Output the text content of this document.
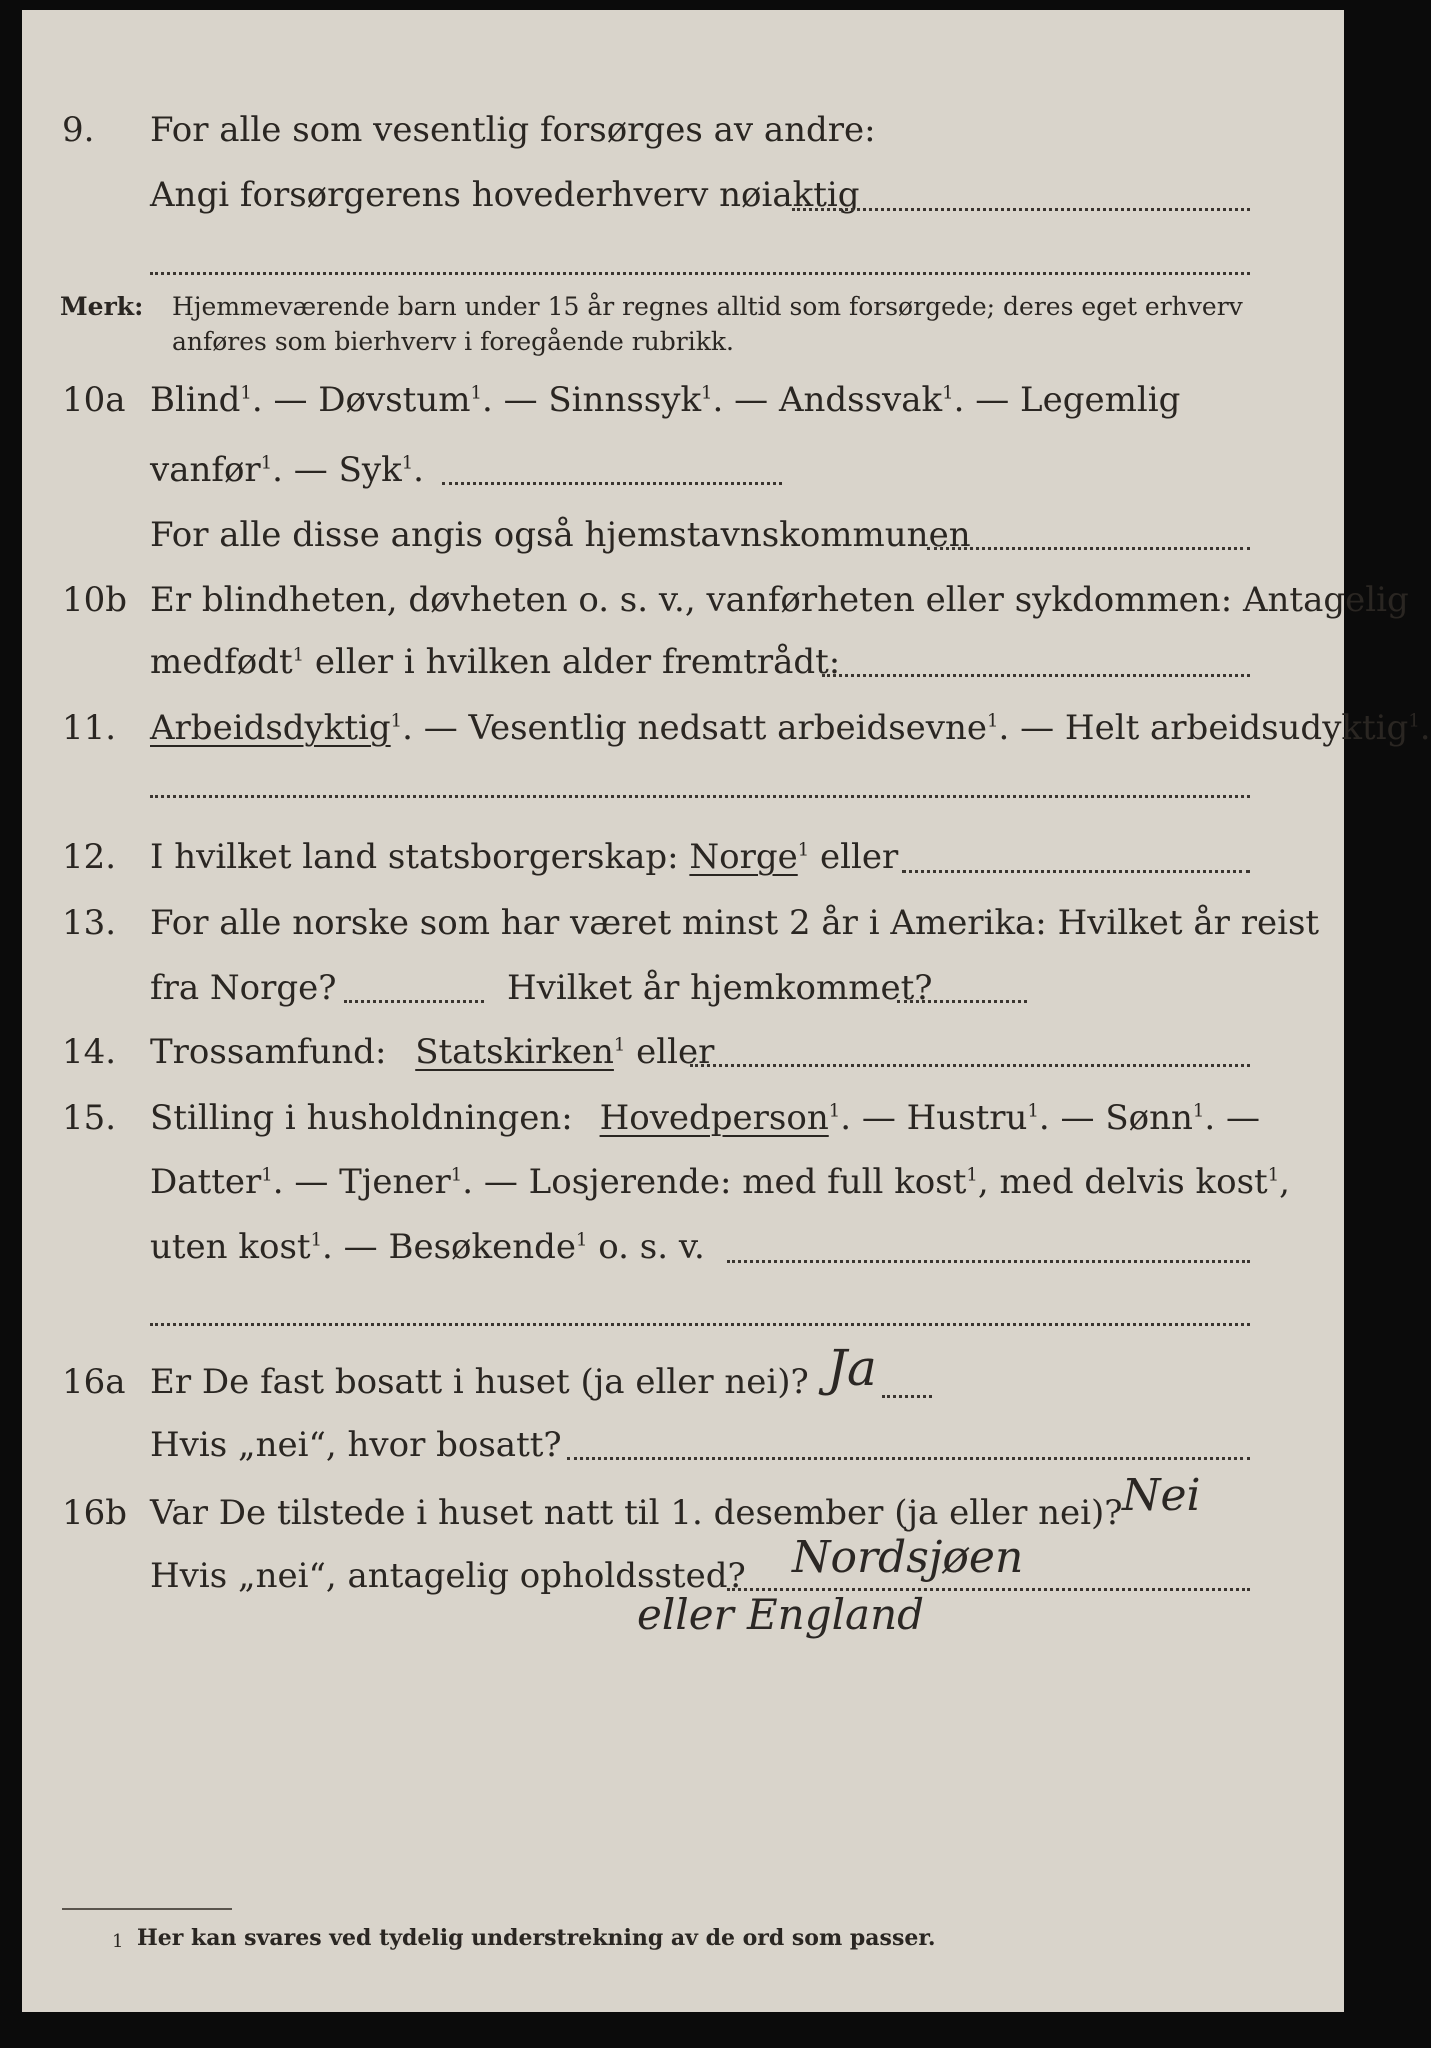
9. For alle som vesentlig forsørges av andre:
Angi forsørgerens hovederhverv nøiaktig
Merk: Hjemmeværende barn under 15 år regnes alltid som forsørgede; deres eget erhverv
anføres som bierhverv i foregående rubrikk.
10a Blind$^1$. — Døvstum$^1$. — Sinnssyk$^1$. — Andssvak$^1$. — Legemlig
vanfør$^1$. — Syk$^1$.
For alle disse angis også hjemstavnskommunen
10b Er blindheten, døvheten o. s. v., vanførheten eller sykdommen: Antagelig
medfødt$^1$ eller i hvilken alder fremtrådt:
11. Arbeidsdyktig$^1$. — Vesentlig nedsatt arbeidsevne$^1$. — Helt arbeidsudyktig$^1$.
12. I hvilket land statsborgerskap: Norge$^1$ eller
13. For alle norske som har været minst 2 år i Amerika: Hvilket år reist
fra Norge?	Hvilket år hjemkommet?
14. Trossamfund: Statskirken$^1$ eller
15. Stilling i husholdningen: Hovedperson$^1$. — Hustru$^1$. — Sønn$^1$. —
Datter$^1$. — Tjener$^1$. — Losjerende: med full kost$^1$, med delvis kost$^1$,
uten kost$^1$. — Besøkende$^1$ o. s. v.
16a Er De fast bosatt i huset (ja eller nei)? Ja
Hvis „nei“, hvor bosatt?
16b Var De tilstede i huset natt til 1. desember (ja eller nei)? Nei
Hvis „nei“, antagelig opholdssted? Nordsjøen
eller England
1 Her kan svares ved tydelig understrekning av de ord som passer.
